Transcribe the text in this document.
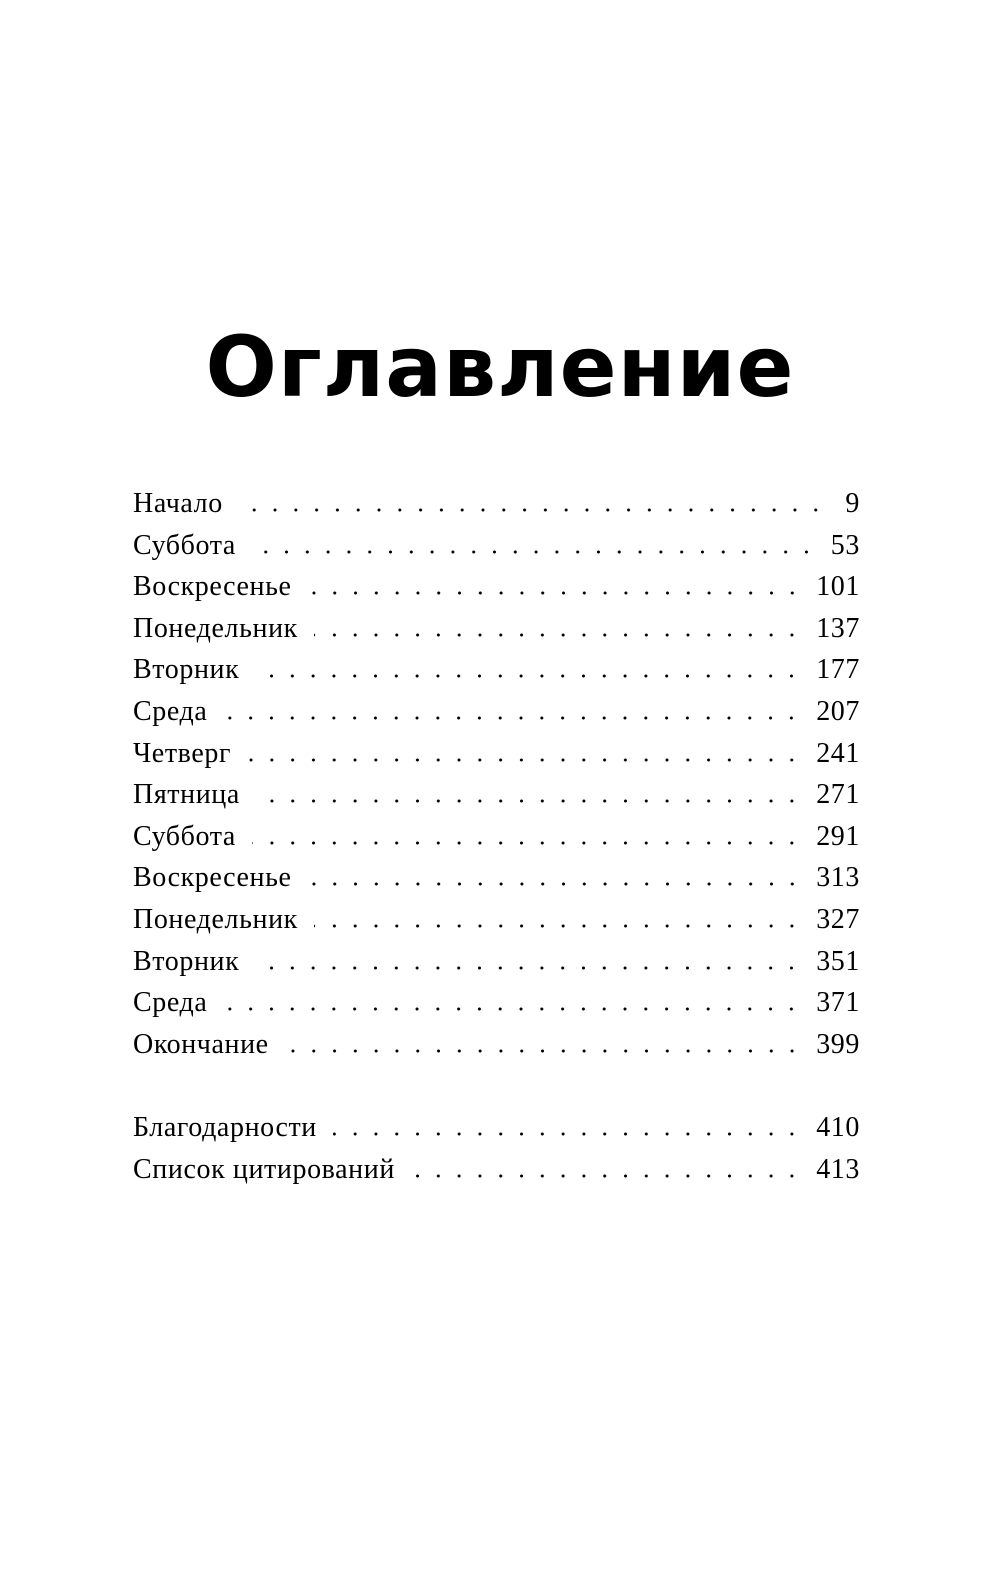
Оглавление
Начало	9
Суббота	53
Воскресенье	101
Понедельник	137
Вторник	177
Среда	207
Четверг	241
Пятница	271
Суббота	291
Воскресенье	313
Понедельник	327
Вторник	351
Среда	371
Окончание	399
Благодарности	410
Список цитирований	413
